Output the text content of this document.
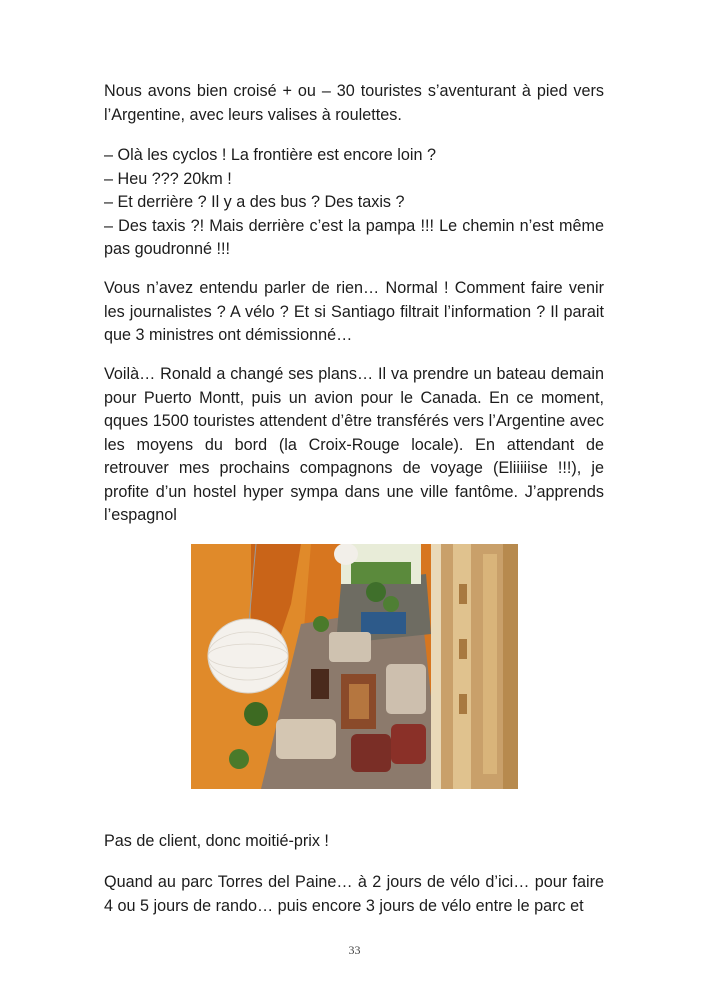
Nous avons bien croisé + ou – 30 touristes s’aventurant à pied vers l’Argentine, avec leurs valises à roulettes.

– Olà les cyclos ! La frontière est encore loin ?

– Heu ??? 20km !

– Et derrière ? Il y a des bus ? Des taxis ?

– Des taxis ?! Mais derrière c’est la pampa !!! Le chemin n’est même pas goudronné !!!

Vous n’avez entendu parler de rien… Normal ! Comment faire venir les journalistes ? A vélo ? Et si Santiago filtrait l’information ? Il parait que 3 ministres ont démissionné…

Voilà… Ronald a changé ses plans… Il va prendre un bateau demain pour Puerto Montt, puis un avion pour le Canada. En ce moment, qques 1500 touristes attendent d’être transférés vers l’Argentine avec les moyens du bord (la Croix-Rouge locale). En attendant de retrouver mes prochains compagnons de voyage (Eliiiiise !!!), je profite d’un hostel hyper sympa dans une ville fantôme. J’apprends l’espagnol

Pas de client, donc moitié-prix !

Quand au parc Torres del Paine… à 2 jours de vélo d’ici… pour faire 4 ou 5 jours de rando… puis encore 3 jours de vélo entre le parc et

33
